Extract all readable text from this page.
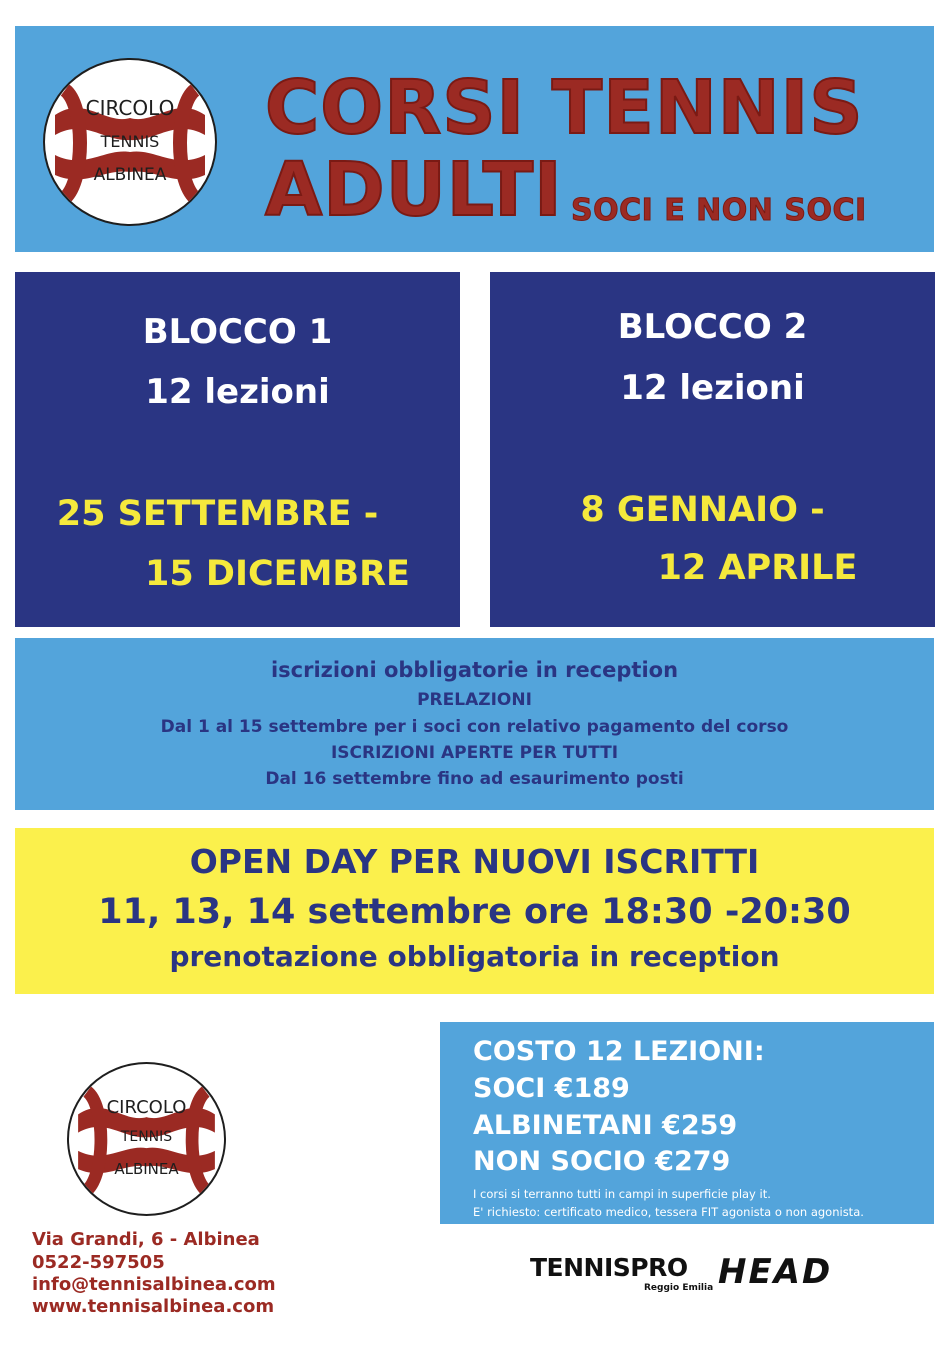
CIRCOLO
TENNIS
ALBINEA
CORSI TENNIS
ADULTI SOCI E NON SOCI
BLOCCO 1
12 lezioni
25 SETTEMBRE -
15 DICEMBRE
BLOCCO 2
12 lezioni
8 GENNAIO -
12 APRILE
iscrizioni obbligatorie in reception
PRELAZIONI
Dal 1 al 15 settembre per i soci con relativo pagamento del corso
ISCRIZIONI APERTE PER TUTTI
Dal 16 settembre fino ad esaurimento posti
OPEN DAY PER NUOVI ISCRITTI
11, 13, 14 settembre ore 18:30 -20:30
prenotazione obbligatoria in reception
CIRCOLO
TENNIS
ALBINEA
COSTO 12 LEZIONI:
SOCI €189
ALBINETANI €259
NON SOCIO €279
I corsi si terranno tutti in campi in superficie play it.
E' richiesto: certificato medico, tessera FIT agonista o non agonista.
Via Grandi, 6 - Albinea
0522-597505
info@tennisalbinea.com
www.tennisalbinea.com
TENNISPRO
Reggio Emilia HEAD
